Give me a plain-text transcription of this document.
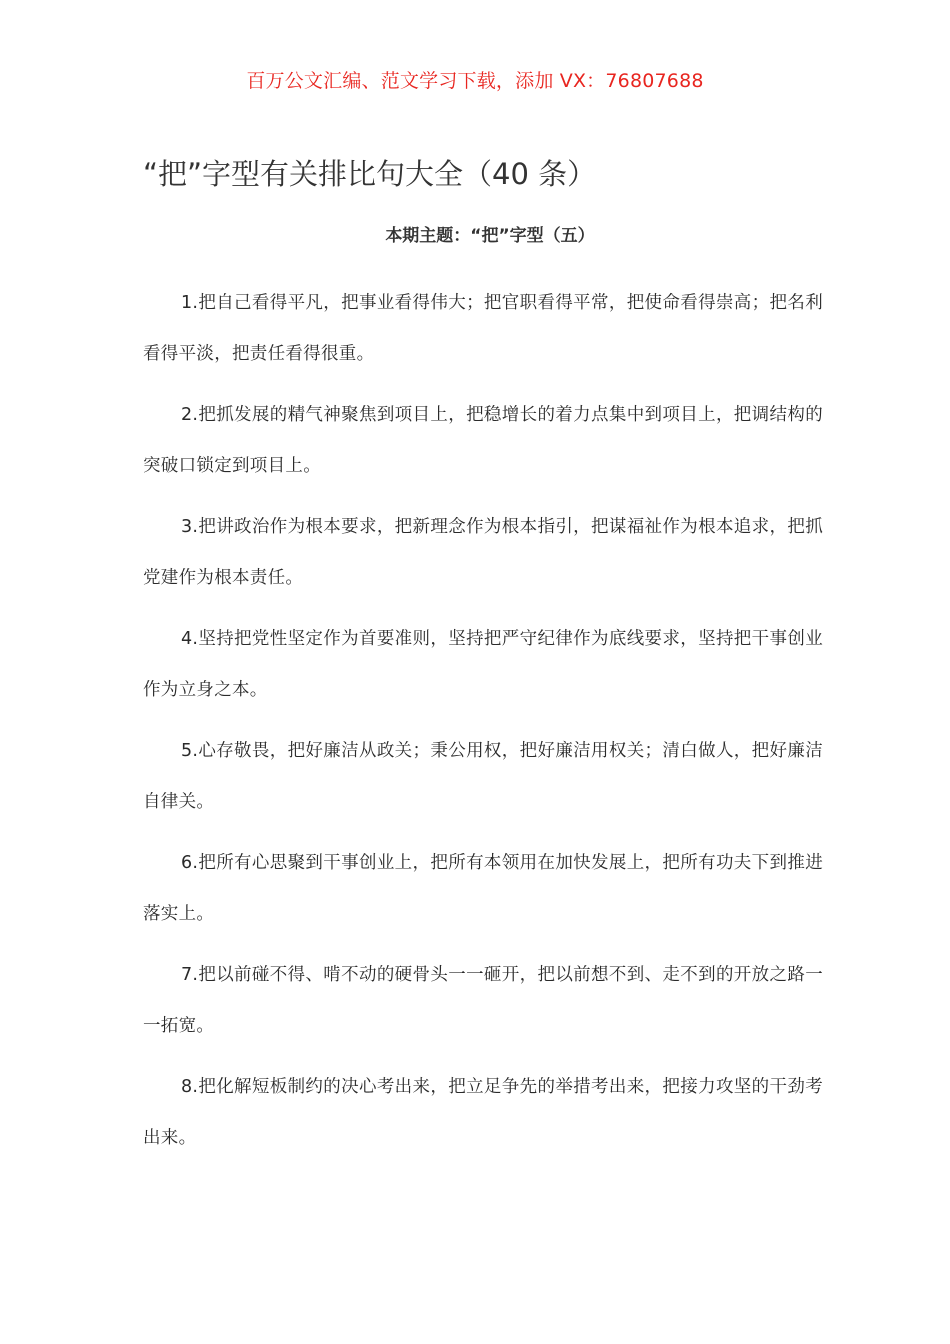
百万公文汇编、范文学习下载，添加 VX：76807688
“把”字型有关排比句大全（40 条）
本期主题：“把”字型（五）

1.把自己看得平凡，把事业看得伟大；把官职看得平常，把使命看得崇高；把名利看得平淡，把责任看得很重。

2.把抓发展的精气神聚焦到项目上，把稳增长的着力点集中到项目上，把调结构的突破口锁定到项目上。

3.把讲政治作为根本要求，把新理念作为根本指引，把谋福祉作为根本追求，把抓党建作为根本责任。

4.坚持把党性坚定作为首要准则，坚持把严守纪律作为底线要求，坚持把干事创业作为立身之本。

5.心存敬畏，把好廉洁从政关；秉公用权，把好廉洁用权关；清白做人，把好廉洁自律关。

6.把所有心思聚到干事创业上，把所有本领用在加快发展上，把所有功夫下到推进落实上。

7.把以前碰不得、啃不动的硬骨头一一砸开，把以前想不到、走不到的开放之路一一拓宽。

8.把化解短板制约的决心考出来，把立足争先的举措考出来，把接力攻坚的干劲考出来。
